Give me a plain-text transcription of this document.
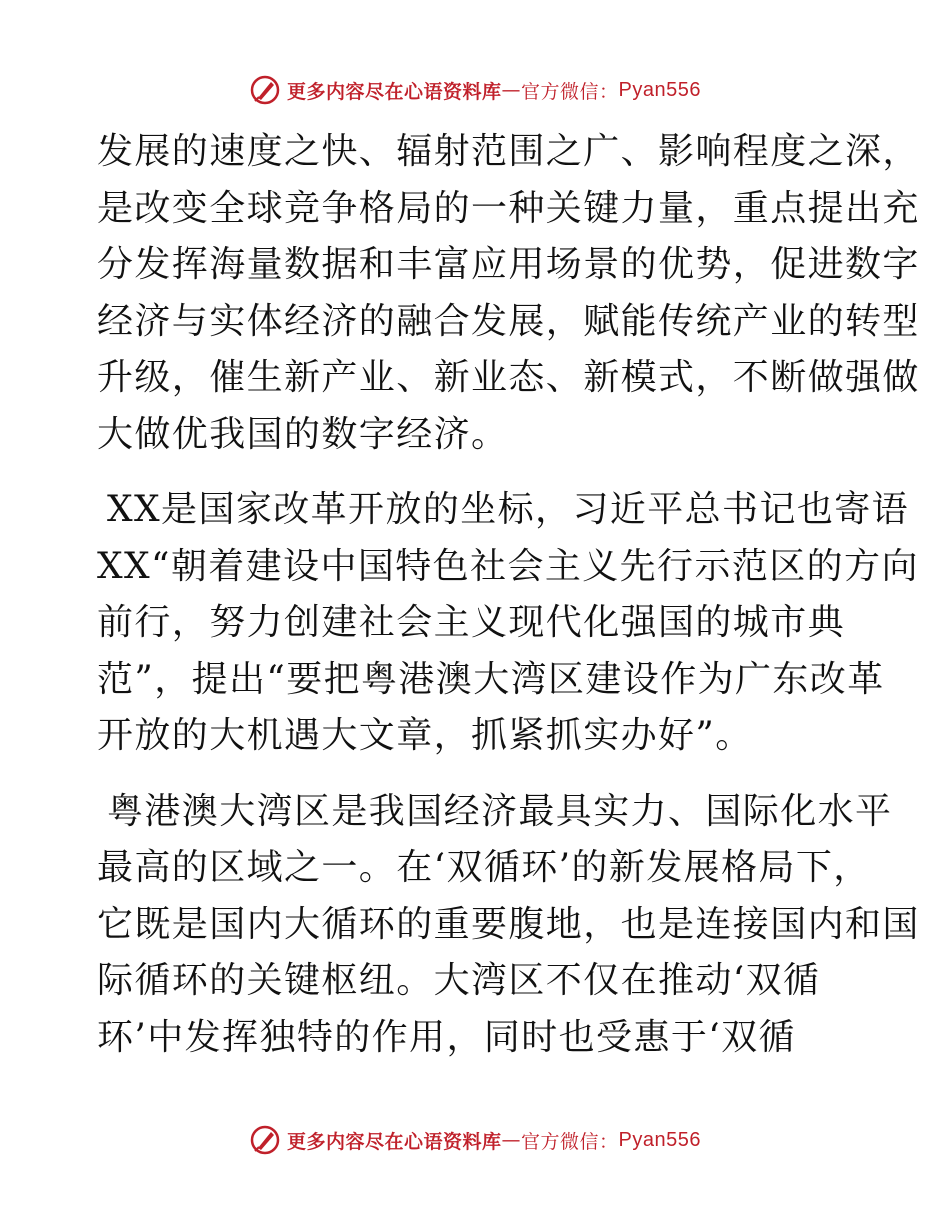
更多内容尽在心语资料库 — 官方微信： Pyan556
发展的速度之快、辐射范围之广、影响程度之深，
是改变全球竞争格局的一种关键力量，重点提出充
分发挥海量数据和丰富应用场景的优势，促进数字
经济与实体经济的融合发展，赋能传统产业的转型
升级，催生新产业、新业态、新模式，不断做强做
大做优我国的数字经济。
XX是国家改革开放的坐标，习近平总书记也寄语
XX“朝着建设中国特色社会主义先行示范区的方向
前行，努力创建社会主义现代化强国的城市典
范”，提出“要把粤港澳大湾区建设作为广东改革
开放的大机遇大文章，抓紧抓实办好”。
粤港澳大湾区是我国经济最具实力、国际化水平
最高的区域之一。在‘双循环’的新发展格局下，
它既是国内大循环的重要腹地，也是连接国内和国
际循环的关键枢纽。大湾区不仅在推动‘双循
环’中发挥独特的作用，同时也受惠于‘双循
更多内容尽在心语资料库 — 官方微信： Pyan556
